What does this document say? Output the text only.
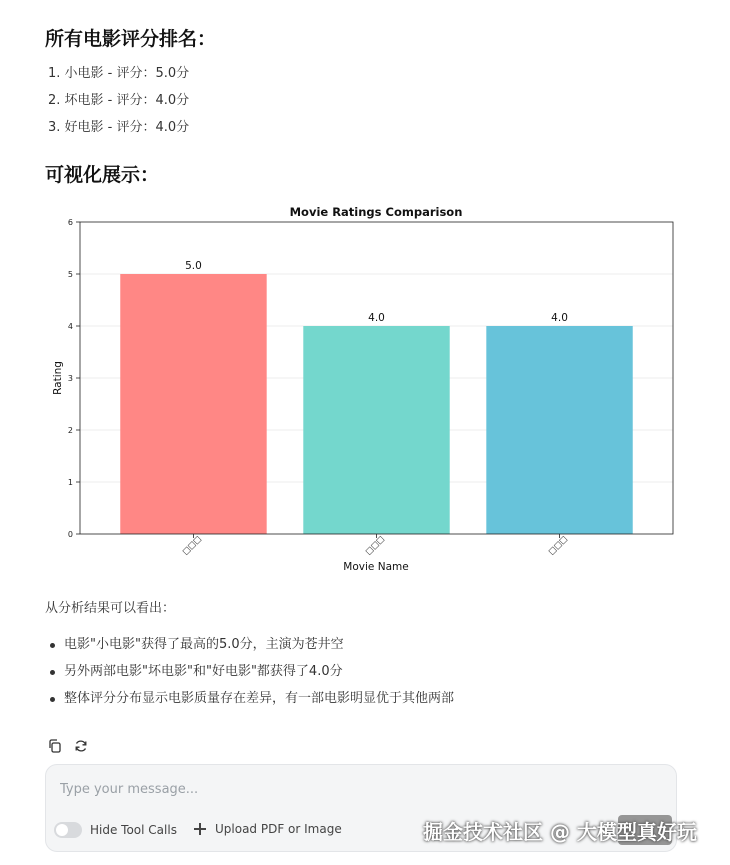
所有电影评分排名：
1. 小电影 - 评分：5.0分
2. 坏电影 - 评分：4.0分
3. 好电影 - 评分：4.0分
可视化展示：
Movie Ratings Comparison
5.0
4.0	4.0
0
1
2
3
4
5
6
□□□	□□□	□□□
Movie Name
Rating

从分析结果可以看出：

电影"小电影"获得了最高的5.0分，主演为苍井空
另外两部电影"坏电影"和"好电影"都获得了4.0分
整体评分分布显示电影质量存在差异，有一部电影明显优于其他两部
Type your message...
Hide Tool Calls	Upload PDF or Image	掘金技术社区 @ 大模型真好玩
